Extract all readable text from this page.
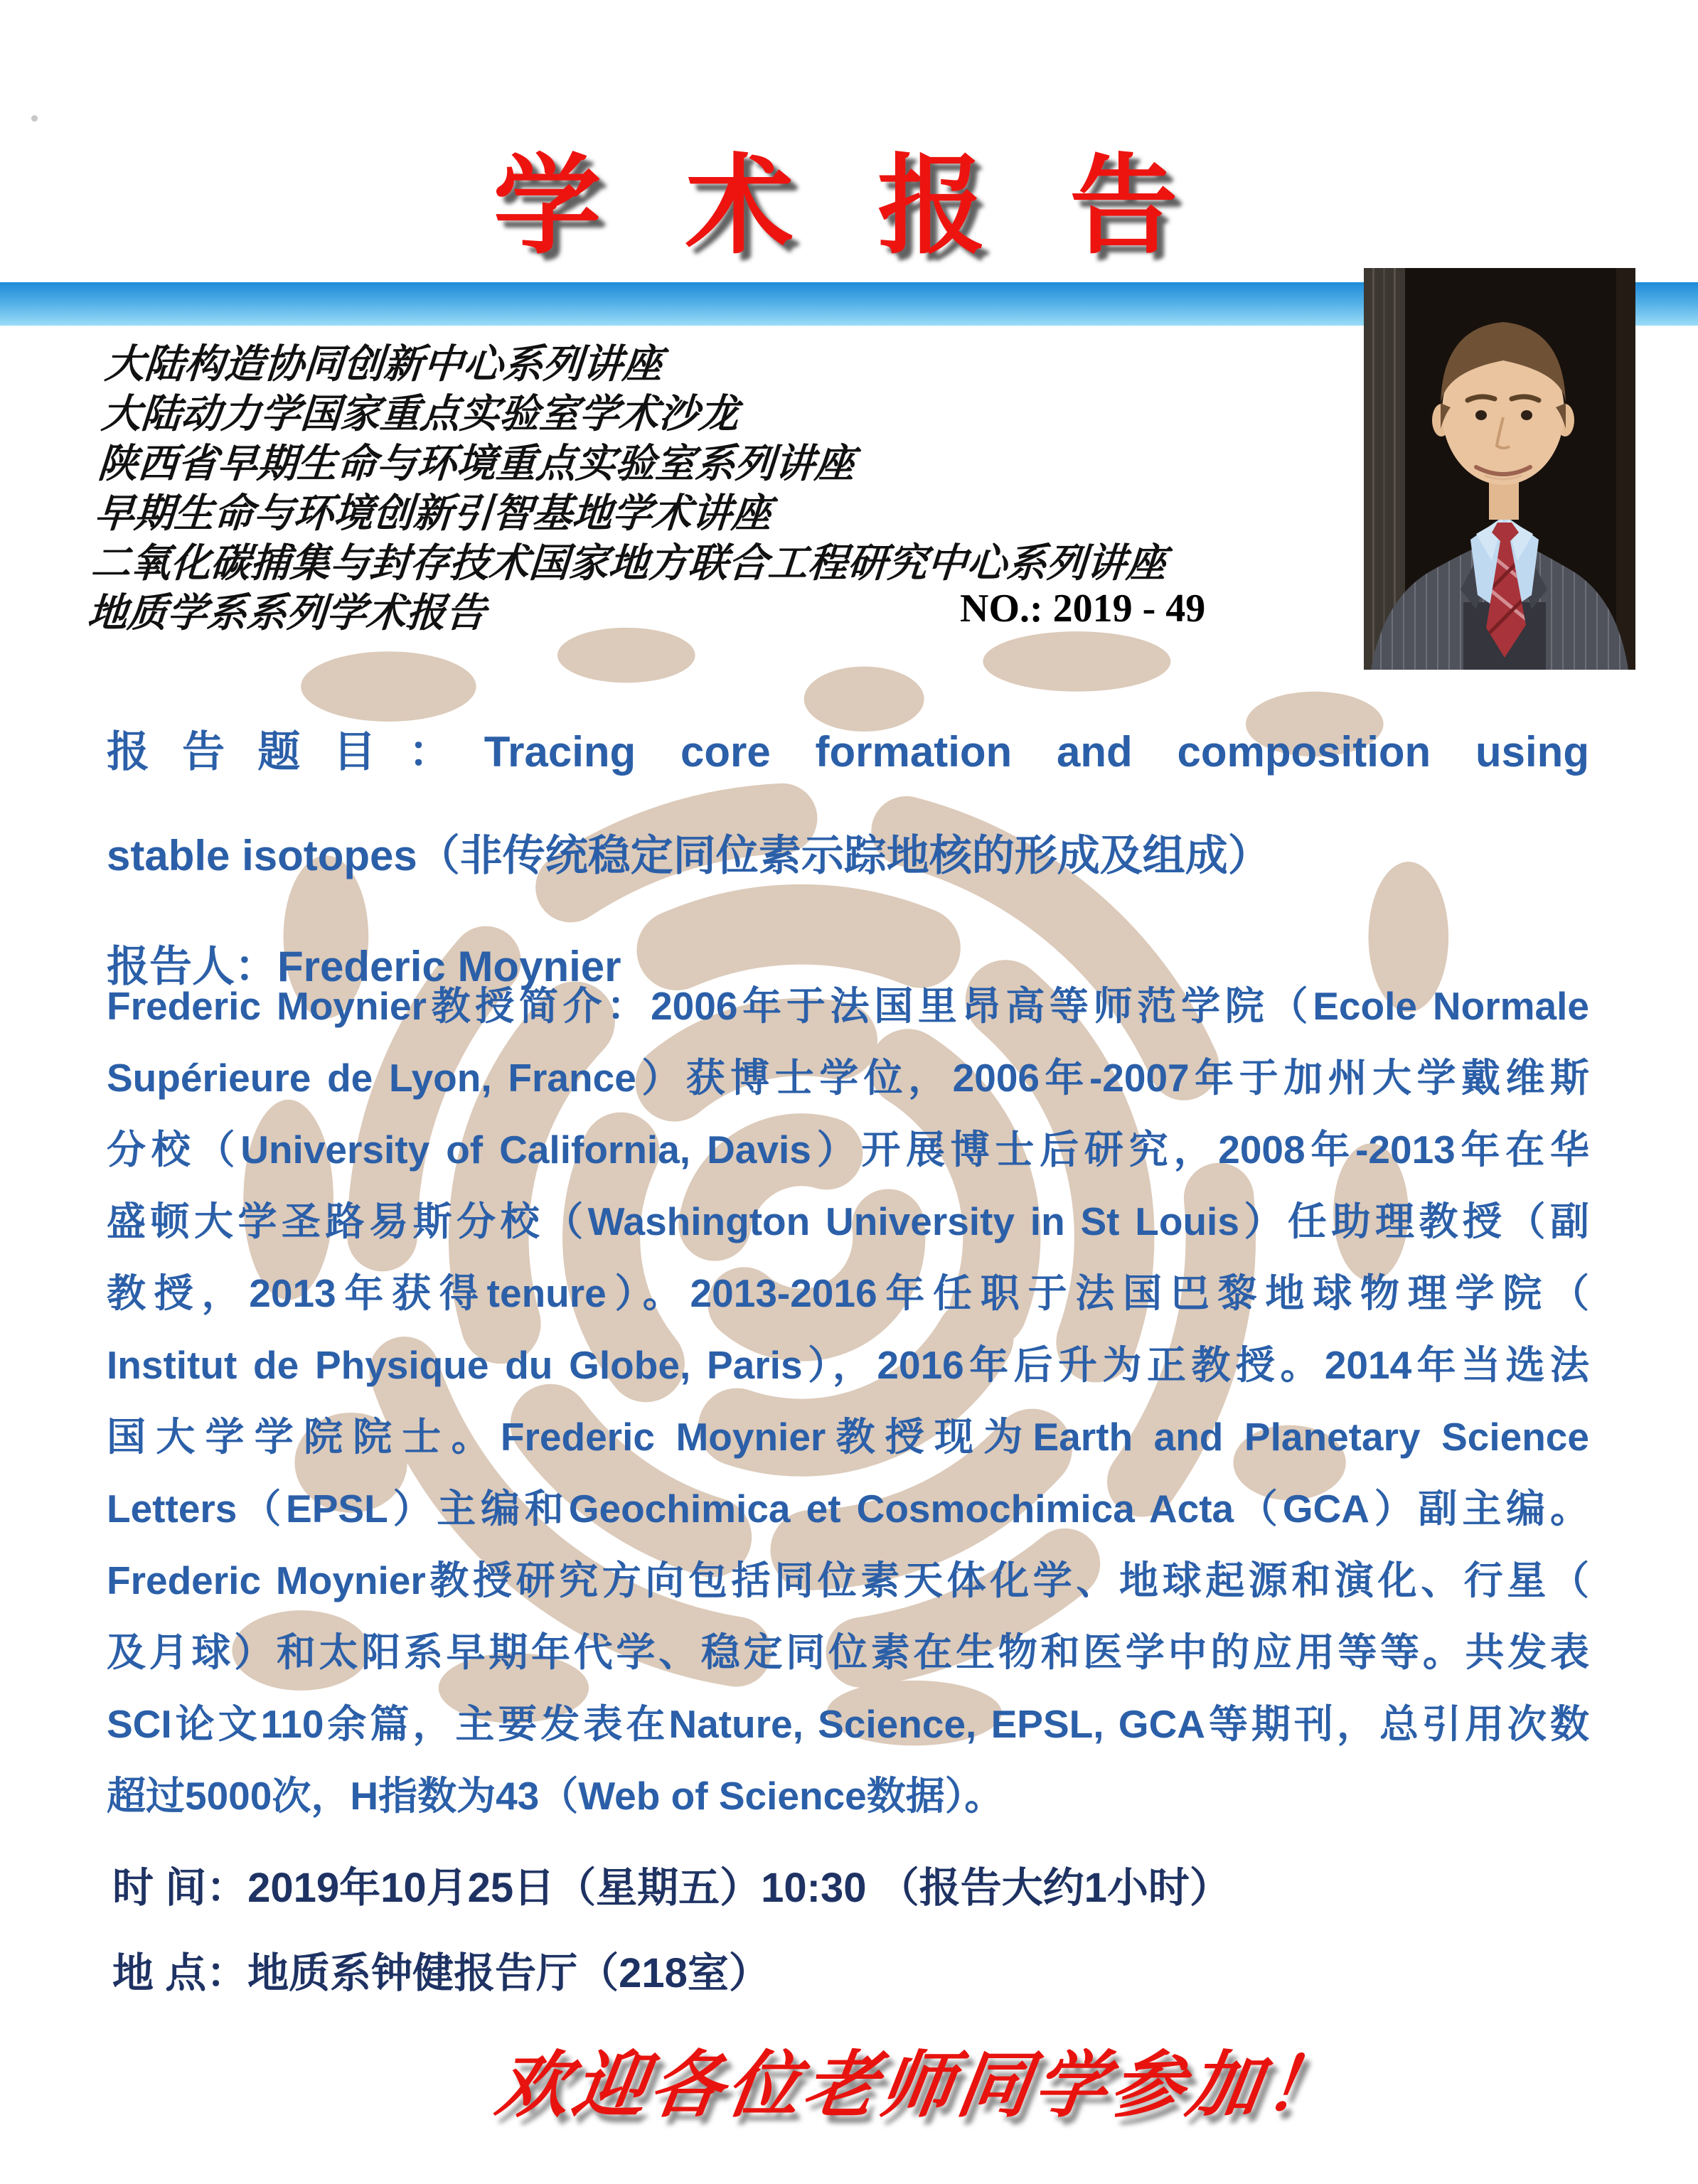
学 术 报 告
大陆构造协同创新中心系列讲座
大陆动力学国家重点实验室学术沙龙
陕西省早期生命与环境重点实验室系列讲座
早期生命与环境创新引智基地学术讲座
二氧化碳捕集与封存技术国家地方联合工程研究中心系列讲座
地质学系系列学术报告	NO.: 2019 - 49
报告题目：Tracing core formation and composition using
stable isotopes（非传统稳定同位素示踪地核的形成及组成）
报告人：Frederic Moynier
Frederic Moynier教授简介：2006年于法国里昂高等师范学院（Ecole Normale
Supérieure de Lyon, France）获博士学位，2006年-2007年于加州大学戴维斯
分校（University of California, Davis）开展博士后研究，2008年-2013年在华
盛顿大学圣路易斯分校（Washington University in St Louis）任助理教授（副
教授，2013年获得tenure）。2013-2016年任职于法国巴黎地球物理学院（
Institut de Physique du Globe, Paris），2016年后升为正教授。2014年当选法
国大学学院院士。Frederic Moynier教授现为Earth and Planetary Science
Letters（EPSL）主编和Geochimica et Cosmochimica Acta（GCA）副主编。
Frederic Moynier教授研究方向包括同位素天体化学、地球起源和演化、行星（
及月球）和太阳系早期年代学、稳定同位素在生物和医学中的应用等等。共发表
SCI论文110余篇，主要发表在Nature, Science, EPSL, GCA等期刊，总引用次数
超过5000次，H指数为43（Web of Science数据）。
时 间：2019年10月25日（星期五）10:30 （报告大约1小时）
地 点：地质系钟健报告厅（218室）
欢迎各位老师同学参加！
